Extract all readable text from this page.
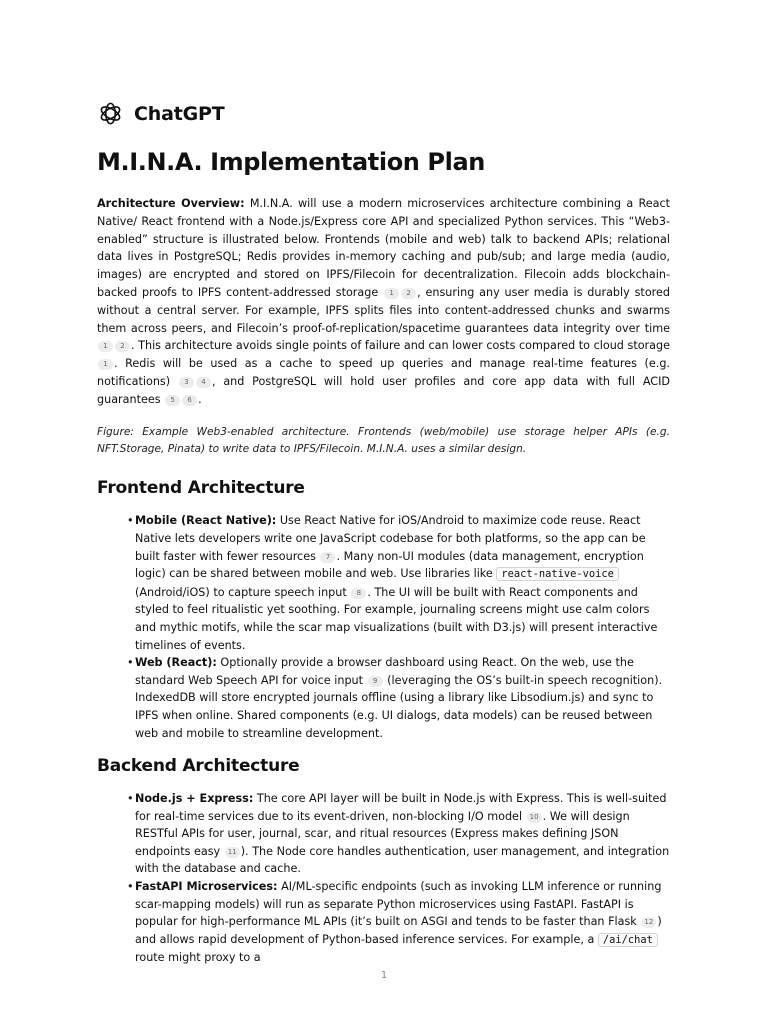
ChatGPT
M.I.N.A. Implementation Plan

Architecture Overview: M.I.N.A. will use a modern microservices architecture combining a React Native/ React frontend with a Node.js/Express core API and specialized Python services. This “Web3-enabled” structure is illustrated below. Frontends (mobile and web) talk to backend APIs; relational data lives in PostgreSQL; Redis provides in-memory caching and pub/sub; and large media (audio, images) are encrypted and stored on IPFS/Filecoin for decentralization. Filecoin adds blockchain-backed proofs to IPFS content-addressed storage 1 2 , ensuring any user media is durably stored without a central server. For example, IPFS splits files into content-addressed chunks and swarms them across peers, and Filecoin’s proof-of-replication/spacetime guarantees data integrity over time 1 2 . This architecture avoids single points of failure and can lower costs compared to cloud storage 1 . Redis will be used as a cache to speed up queries and manage real-time features (e.g. notifications) 3 4 , and PostgreSQL will hold user profiles and core app data with full ACID guarantees 5 6 .

Figure: Example Web3-enabled architecture. Frontends (web/mobile) use storage helper APIs (e.g. NFT.Storage, Pinata) to write data to IPFS/Filecoin. M.I.N.A. uses a similar design.

Frontend Architecture
• Mobile (React Native): Use React Native for iOS/Android to maximize code reuse. React Native lets developers write one JavaScript codebase for both platforms, so the app can be built faster with fewer resources 7 . Many non-UI modules (data management, encryption logic) can be shared between mobile and web. Use libraries like react-native-voice (Android/iOS) to capture speech input 8 . The UI will be built with React components and styled to feel ritualistic yet soothing. For example, journaling screens might use calm colors and mythic motifs, while the scar map visualizations (built with D3.js) will present interactive timelines of events.
• Web (React): Optionally provide a browser dashboard using React. On the web, use the standard Web Speech API for voice input 9 (leveraging the OS’s built-in speech recognition). IndexedDB will store encrypted journals offline (using a library like Libsodium.js) and sync to IPFS when online. Shared components (e.g. UI dialogs, data models) can be reused between web and mobile to streamline development.
Backend Architecture
• Node.js + Express: The core API layer will be built in Node.js with Express. This is well-suited for real-time services due to its event-driven, non-blocking I/O model 10 . We will design RESTful APIs for user, journal, scar, and ritual resources (Express makes defining JSON endpoints easy 11 ). The Node core handles authentication, user management, and integration with the database and cache.
• FastAPI Microservices: AI/ML-specific endpoints (such as invoking LLM inference or running scar-mapping models) will run as separate Python microservices using FastAPI. FastAPI is popular for high-performance ML APIs (it’s built on ASGI and tends to be faster than Flask 12 ) and allows rapid development of Python-based inference services. For example, a /ai/chat route might proxy to a
1
